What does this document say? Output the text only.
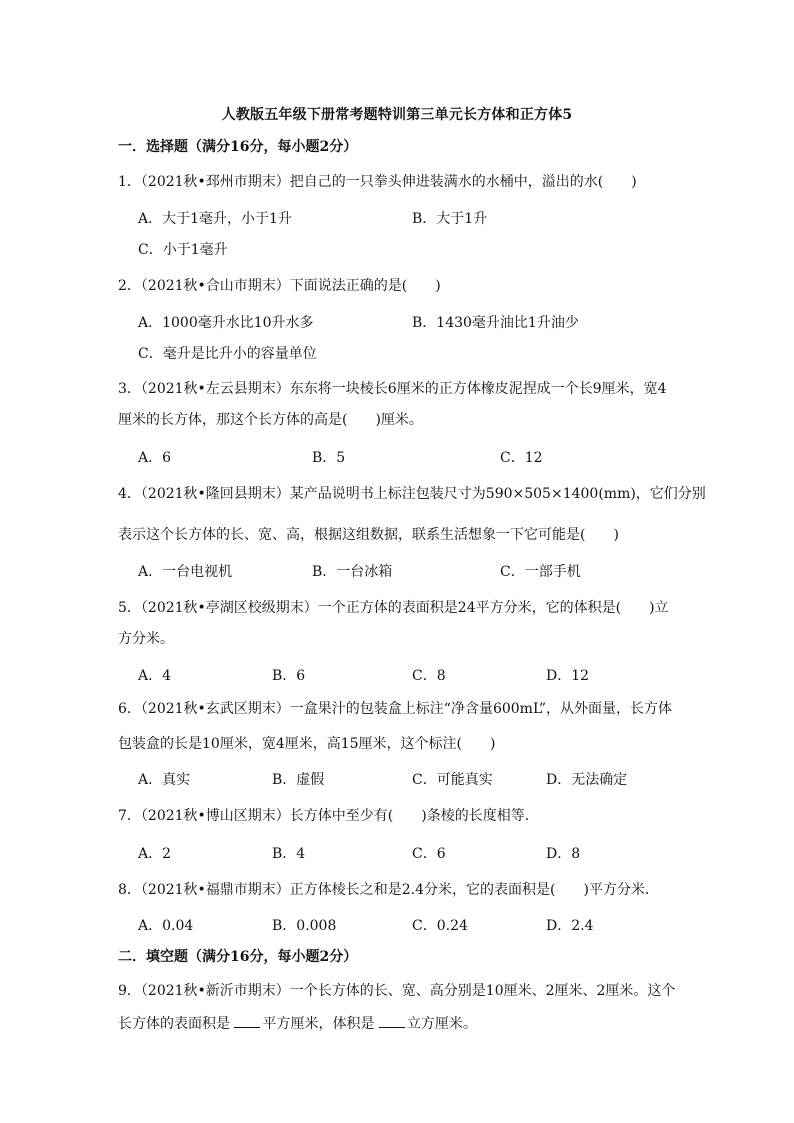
人教版五年级下册常考题特训第三单元长方体和正方体5
一．选择题（满分16分，每小题2分）
1．（2021秋•邳州市期末）把自己的一只拳头伸进装满水的水桶中，溢出的水(　　)
A．大于1毫升，小于1升	B．大于1升
C．小于1毫升
2．（2021秋•合山市期末）下面说法正确的是(　　)
A．1000毫升水比10升水多	B．1430毫升油比1升油少
C．毫升是比升小的容量单位
3．（2021秋•左云县期末）东东将一块棱长6厘米的正方体橡皮泥捏成一个长9厘米，宽4
厘米的长方体，那这个长方体的高是(　　)厘米。
A．6	B．5	C．12
4．（2021秋•隆回县期末）某产品说明书上标注包装尺寸为590×505×1400(mm)，它们分别
表示这个长方体的长、宽、高，根据这组数据，联系生活想象一下它可能是(　　)
A．一台电视机	B．一台冰箱	C．一部手机
5．（2021秋•亭湖区校级期末）一个正方体的表面积是24平方分米，它的体积是(　　)立
方分米。
A．4	B．6	C．8	D．12
6．（2021秋•玄武区期末）一盒果汁的包装盒上标注“净含量600mL”，从外面量，长方体
包装盒的长是10厘米，宽4厘米，高15厘米，这个标注(　　)
A．真实	B．虚假	C．可能真实	D．无法确定
7．（2021秋•博山区期末）长方体中至少有(　　)条棱的长度相等．
A．2	B．4	C．6	D．8
8．（2021秋•福鼎市期末）正方体棱长之和是2.4分米，它的表面积是(　　)平方分米．
A．0.04	B．0.008	C．0.24	D．2.4
二．填空题（满分16分，每小题2分）
9．（2021秋•新沂市期末）一个长方体的长、宽、高分别是10厘米、2厘米、2厘米。这个
长方体的表面积是 平方厘米，体积是 立方厘米。
